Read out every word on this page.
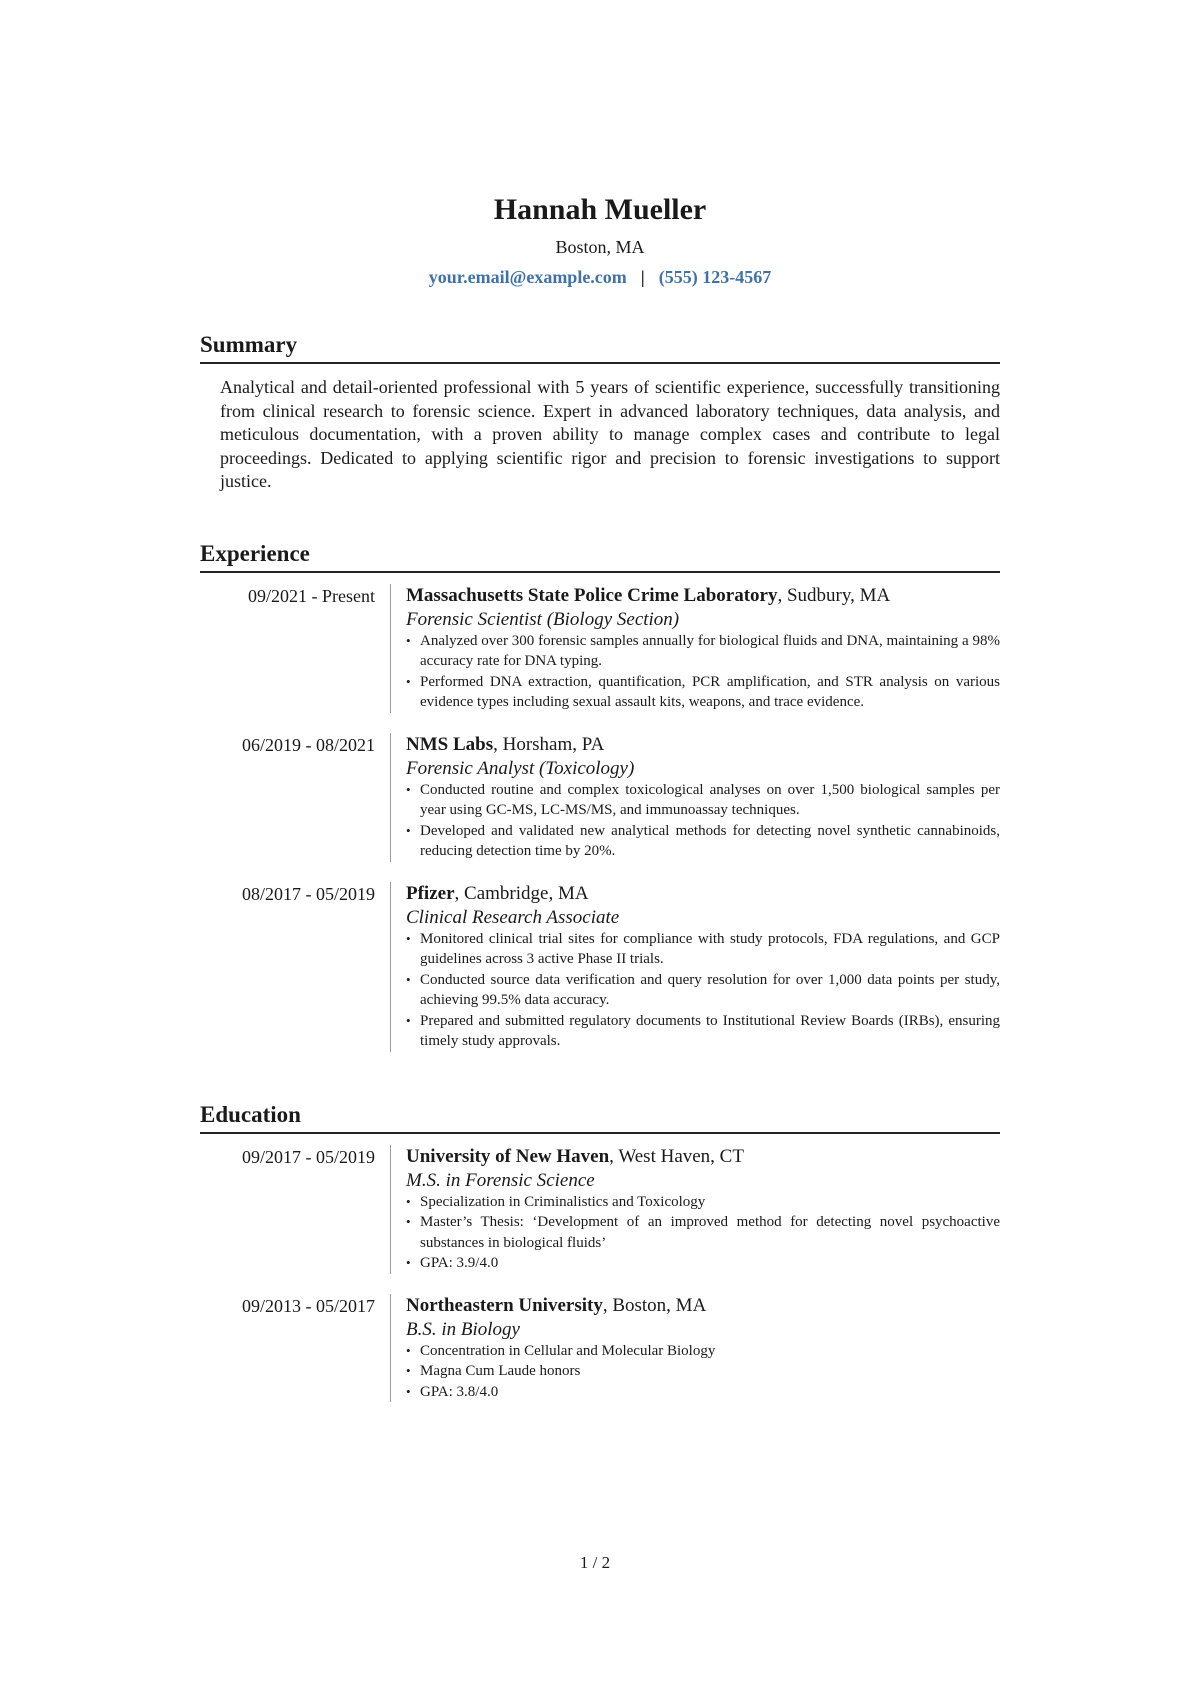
Hannah Mueller
Boston, MA
your.email@example.com | (555) 123-4567
Summary

Analytical and detail-oriented professional with 5 years of scientific experience, successfully transitioning from clinical research to forensic science. Expert in advanced laboratory techniques, data analysis, and meticulous documentation, with a proven ability to manage complex cases and contribute to legal proceedings. Dedicated to applying scientific rigor and precision to forensic investigations to support justice.

Experience
09/2021 - Present	Massachusetts State Police Crime Laboratory, Sudbury, MA
Forensic Scientist (Biology Section)
• Analyzed over 300 forensic samples annually for biological fluids and DNA, maintaining a 98% accuracy rate for DNA typing.
• Performed DNA extraction, quantification, PCR amplification, and STR analysis on various evidence types including sexual assault kits, weapons, and trace evidence.
06/2019 - 08/2021	NMS Labs, Horsham, PA
Forensic Analyst (Toxicology)
• Conducted routine and complex toxicological analyses on over 1,500 biological samples per year using GC-MS, LC-MS/MS, and immunoassay techniques.
• Developed and validated new analytical methods for detecting novel synthetic cannabinoids, reducing detection time by 20%.
08/2017 - 05/2019	Pfizer, Cambridge, MA
Clinical Research Associate
• Monitored clinical trial sites for compliance with study protocols, FDA regulations, and GCP guidelines across 3 active Phase II trials.
• Conducted source data verification and query resolution for over 1,000 data points per study, achieving 99.5% data accuracy.
• Prepared and submitted regulatory documents to Institutional Review Boards (IRBs), ensuring timely study approvals.
Education
09/2017 - 05/2019	University of New Haven, West Haven, CT
M.S. in Forensic Science
• Specialization in Criminalistics and Toxicology
• Master’s Thesis: ‘Development of an improved method for detecting novel psychoactive substances in biological fluids’
• GPA: 3.9/4.0
09/2013 - 05/2017	Northeastern University, Boston, MA
B.S. in Biology
• Concentration in Cellular and Molecular Biology
• Magna Cum Laude honors
• GPA: 3.8/4.0
1 / 2
